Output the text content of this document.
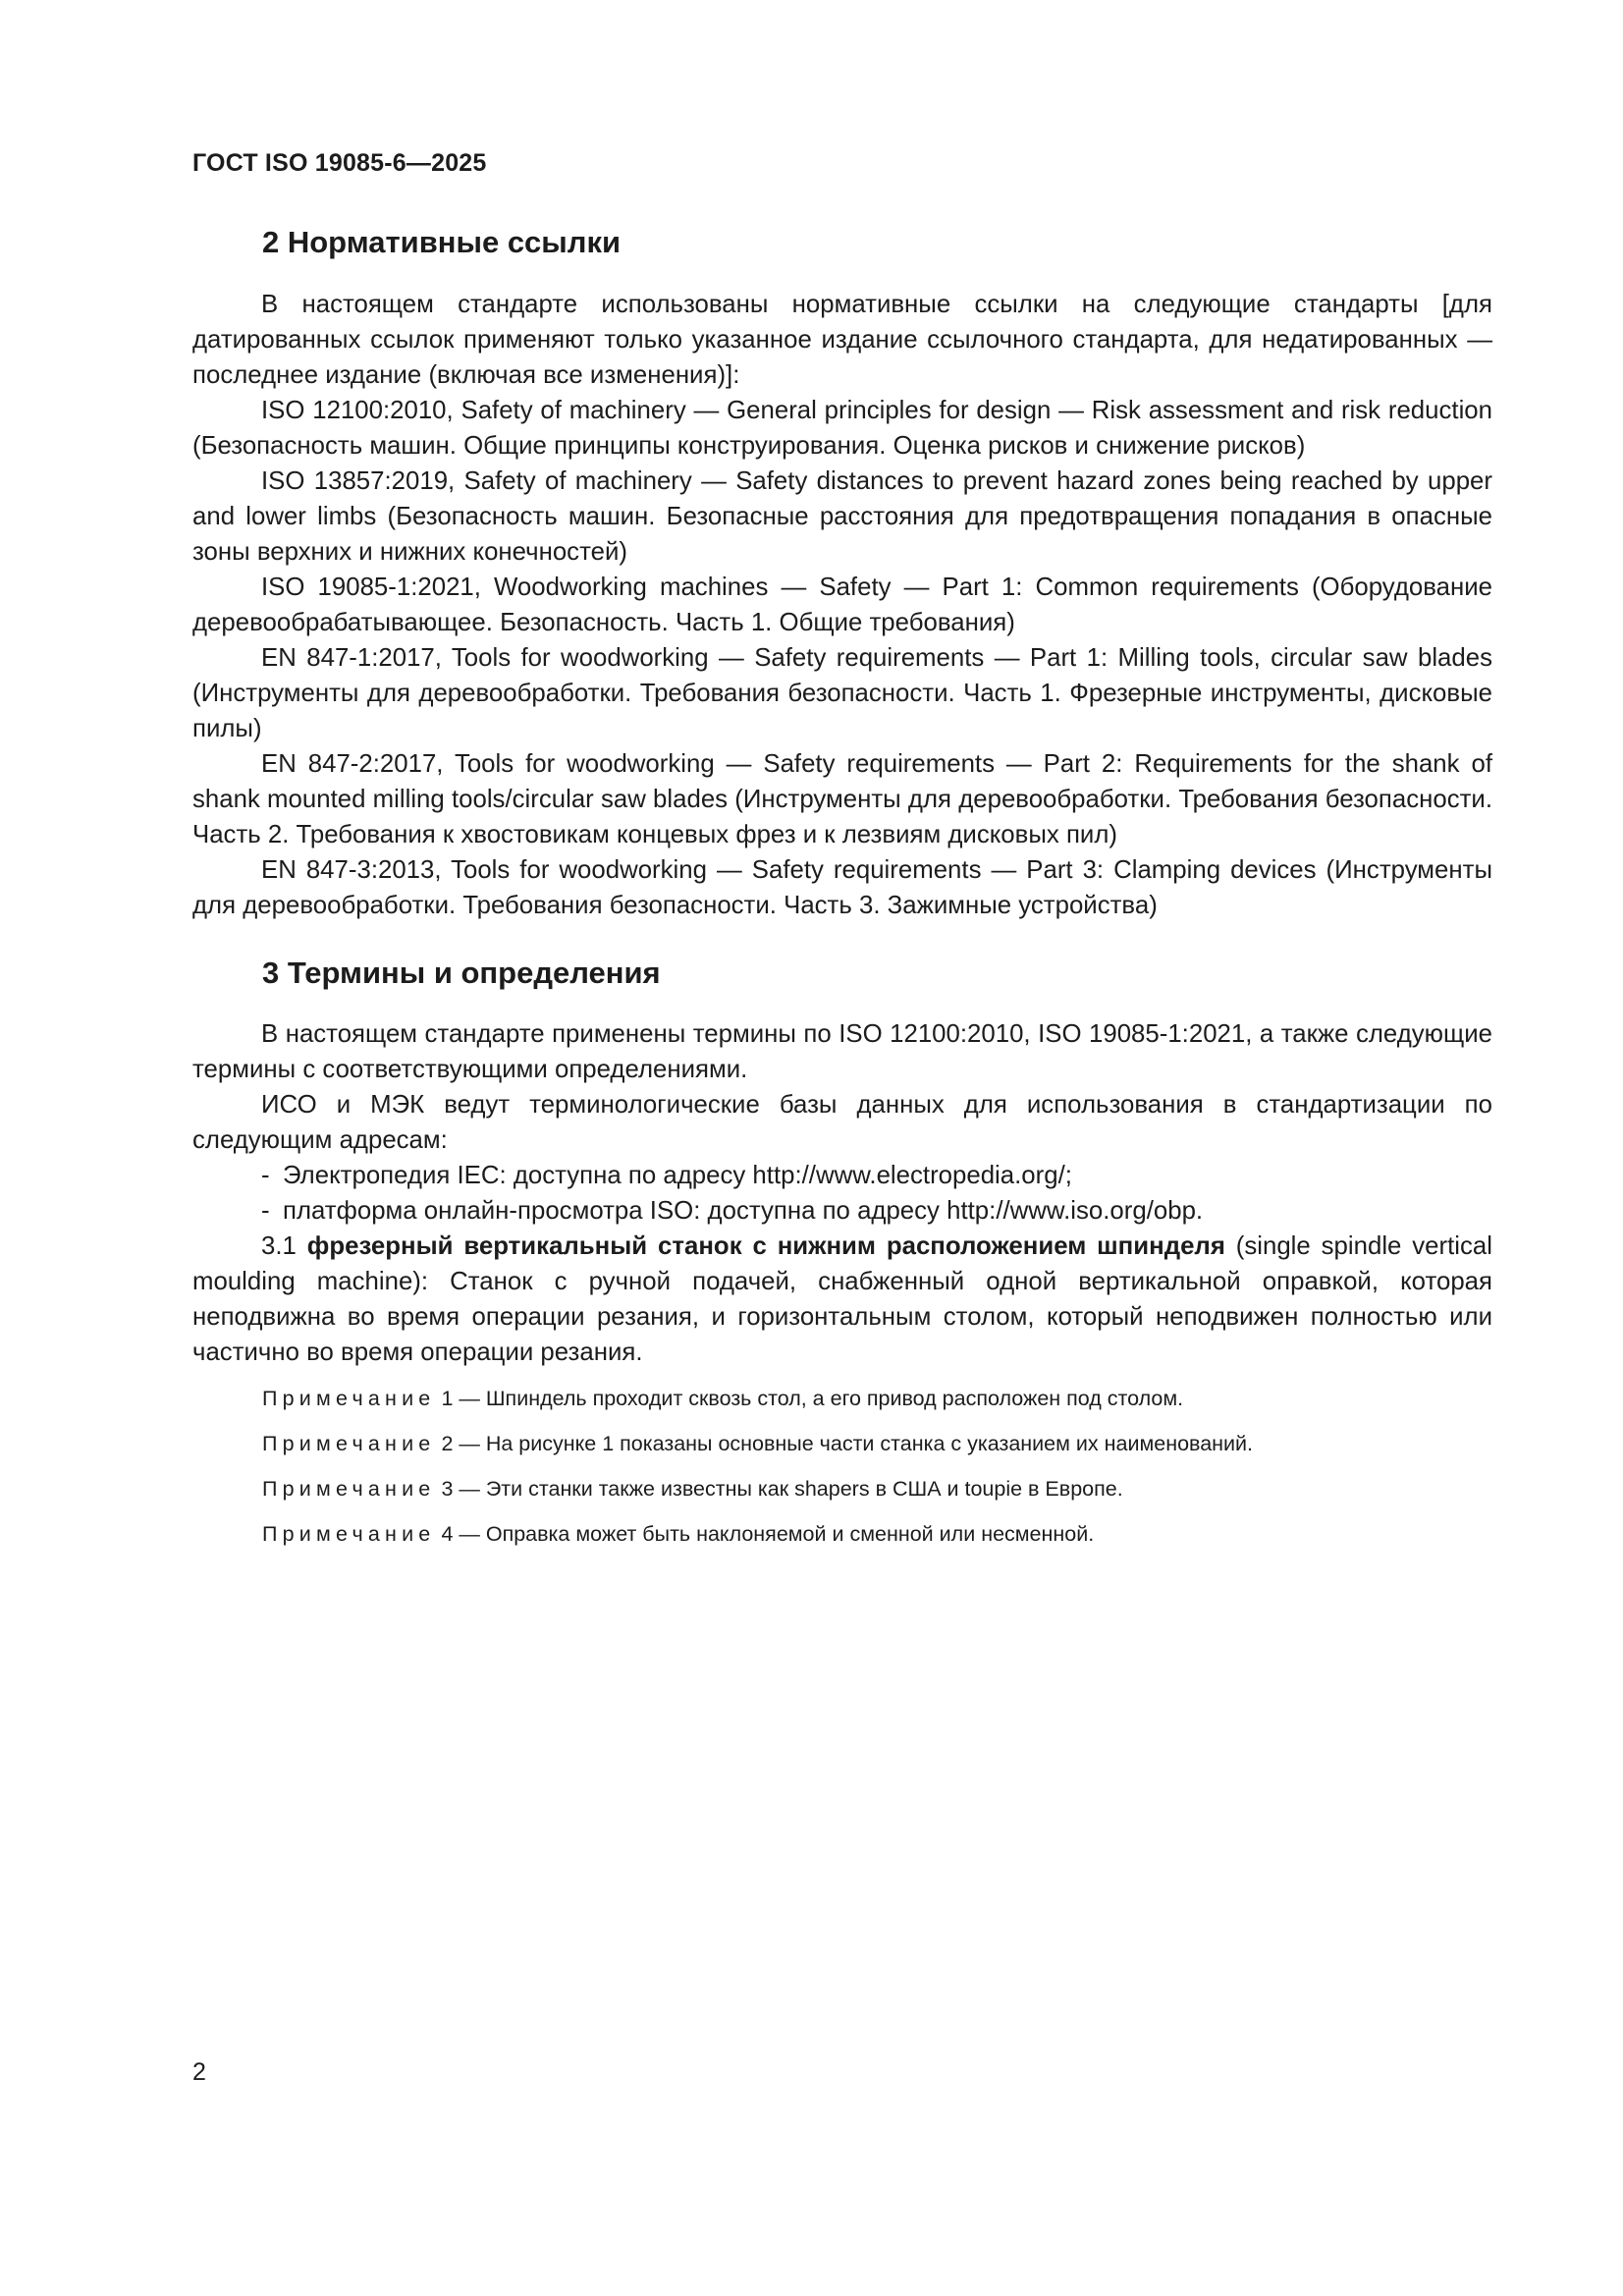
ГОСТ ISO 19085-6—2025

2 Нормативные ссылки

В настоящем стандарте использованы нормативные ссылки на следующие стандарты [для датированных ссылок применяют только указанное издание ссылочного стандарта, для недатированных — последнее издание (включая все изменения)]:

ISO 12100:2010, Safety of machinery — General principles for design — Risk assessment and risk reduction (Безопасность машин. Общие принципы конструирования. Оценка рисков и снижение рисков)

ISO 13857:2019, Safety of machinery — Safety distances to prevent hazard zones being reached by upper and lower limbs (Безопасность машин. Безопасные расстояния для предотвращения попадания в опасные зоны верхних и нижних конечностей)

ISO 19085-1:2021, Woodworking machines — Safety — Part 1: Common requirements (Оборудование деревообрабатывающее. Безопасность. Часть 1. Общие требования)

EN 847-1:2017, Tools for woodworking — Safety requirements — Part 1: Milling tools, circular saw blades (Инструменты для деревообработки. Требования безопасности. Часть 1. Фрезерные инструменты, дисковые пилы)

EN 847-2:2017, Tools for woodworking — Safety requirements — Part 2: Requirements for the shank of shank mounted milling tools/circular saw blades (Инструменты для деревообработки. Требования безопасности. Часть 2. Требования к хвостовикам концевых фрез и к лезвиям дисковых пил)

EN 847-3:2013, Tools for woodworking — Safety requirements — Part 3: Clamping devices (Инструменты для деревообработки. Требования безопасности. Часть 3. Зажимные устройства)

3 Термины и определения

В настоящем стандарте применены термины по ISO 12100:2010, ISO 19085-1:2021, а также следующие термины с соответствующими определениями.

ИСО и МЭК ведут терминологические базы данных для использования в стандартизации по следующим адресам:

- Электропедия IEC: доступна по адресу http://www.electropedia.org/;
- платформа онлайн-просмотра ISO: доступна по адресу http://www.iso.org/obp.

3.1 фрезерный вертикальный станок с нижним расположением шпинделя (single spindle vertical moulding machine): Станок с ручной подачей, снабженный одной вертикальной оправкой, которая неподвижна во время операции резания, и горизонтальным столом, который неподвижен полностью или частично во время операции резания.

Примечание 1 — Шпиндель проходит сквозь стол, а его привод расположен под столом.

Примечание 2 — На рисунке 1 показаны основные части станка с указанием их наименований.

Примечание 3 — Эти станки также известны как shapers в США и toupie в Европе.

Примечание 4 — Оправка может быть наклоняемой и сменной или несменной.

2
